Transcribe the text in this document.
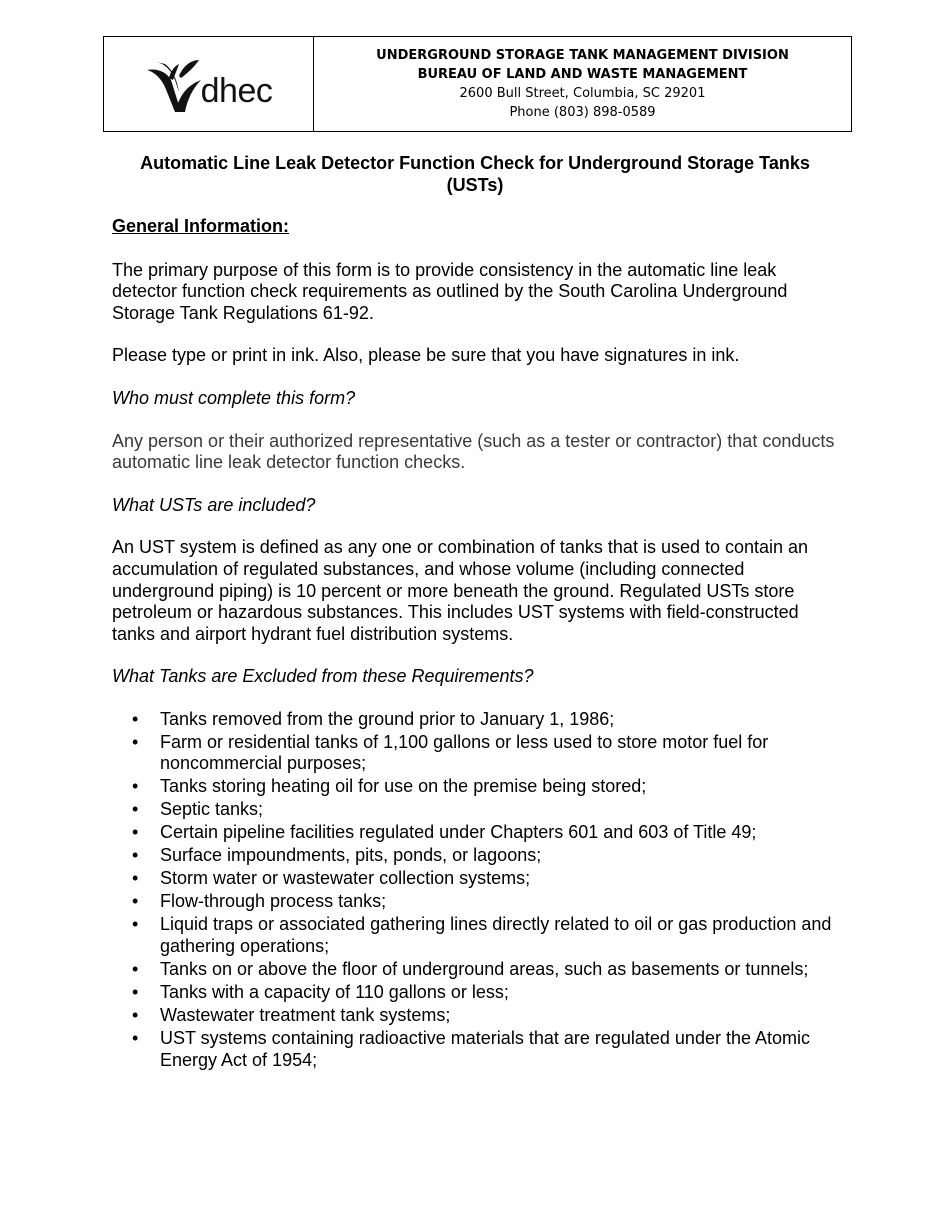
dhec
UNDERGROUND STORAGE TANK MANAGEMENT DIVISION
BUREAU OF LAND AND WASTE MANAGEMENT
2600 Bull Street, Columbia, SC 29201
Phone (803) 898-0589
Automatic Line Leak Detector Function Check for Underground Storage Tanks (USTs)

General Information:

The primary purpose of this form is to provide consistency in the automatic line leak detector function check requirements as outlined by the South Carolina Underground Storage Tank Regulations 61-92.

Please type or print in ink. Also, please be sure that you have signatures in ink.

Who must complete this form?

Any person or their authorized representative (such as a tester or contractor) that conducts automatic line leak detector function checks.

What USTs are included?

An UST system is defined as any one or combination of tanks that is used to contain an accumulation of regulated substances, and whose volume (including connected underground piping) is 10 percent or more beneath the ground. Regulated USTs store petroleum or hazardous substances. This includes UST systems with field-constructed tanks and airport hydrant fuel distribution systems.

What Tanks are Excluded from these Requirements?

• Tanks removed from the ground prior to January 1, 1986;
• Farm or residential tanks of 1,100 gallons or less used to store motor fuel for noncommercial purposes;
• Tanks storing heating oil for use on the premise being stored;
• Septic tanks;
• Certain pipeline facilities regulated under Chapters 601 and 603 of Title 49;
• Surface impoundments, pits, ponds, or lagoons;
• Storm water or wastewater collection systems;
• Flow-through process tanks;
• Liquid traps or associated gathering lines directly related to oil or gas production and gathering operations;
• Tanks on or above the floor of underground areas, such as basements or tunnels;
• Tanks with a capacity of 110 gallons or less;
• Wastewater treatment tank systems;
• UST systems containing radioactive materials that are regulated under the Atomic Energy Act of 1954;
